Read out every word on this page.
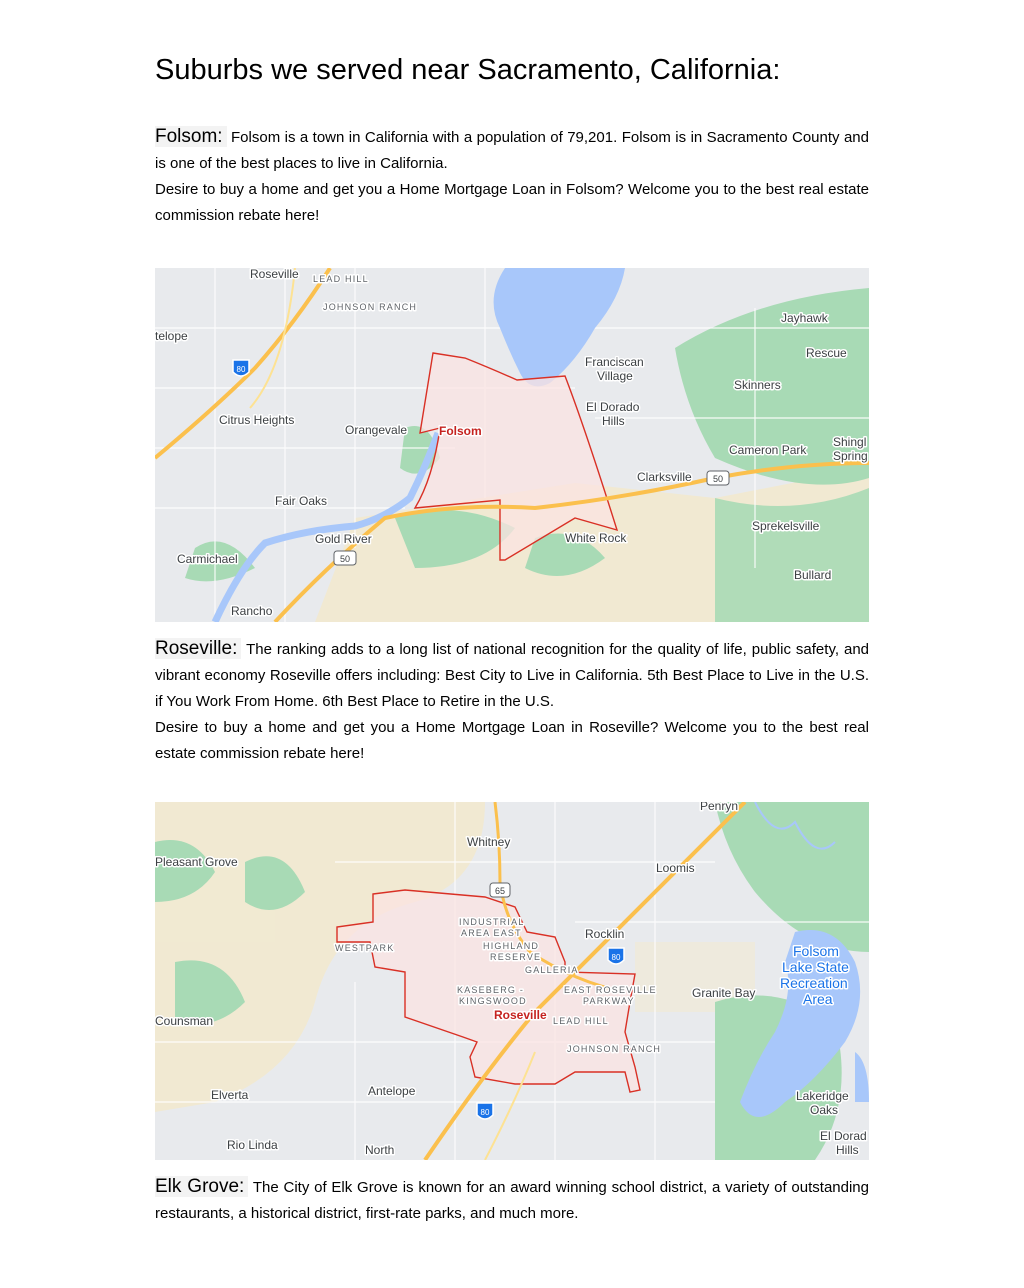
Suburbs we served near Sacramento, California:

Folsom: Folsom is a town in California with a population of 79,201. Folsom is in Sacramento County and is one of the best places to live in California.
Desire to buy a home and get you a Home Mortgage Loan in Folsom? Welcome you to the best real estate commission rebate here!

80
50
50
Roseville LEAD HILL
JOHNSON RANCH
telope
Jayhawk
Rescue
Franciscan
Village
Skinners
Citrus Heights
El Dorado
Hills
Orangevale	Folsom
Cameron Park
Shingl
Spring
Clarksville
Fair Oaks
Sprekelsville
White Rock
Gold River
Carmichael
Bullard
Rancho

Roseville: The ranking adds to a long list of national recognition for the quality of life, public safety, and vibrant economy Roseville offers including: Best City to Live in California. 5th Best Place to Live in the U.S. if You Work From Home. 6th Best Place to Retire in the U.S.
Desire to buy a home and get you a Home Mortgage Loan in Roseville? Welcome you to the best real estate commission rebate here!

65
80
80
Penryn
Whitney
Pleasant Grove	Loomis
INDUSTRIAL
AREA EAST
HIGHLAND
RESERVE
WESTPARK
Rocklin
GALLERIA
KASEBERG -
KINGSWOOD
EAST ROSEVILLE
PARKWAY
Granite Bay
Folsom
Lake State
Recreation
Area
Counsman	Roseville LEAD HILL
JOHNSON RANCH
Antelope
Elverta	Lakeridge
Oaks
Rio Linda	North
El Dorad
Hills

Elk Grove: The City of Elk Grove is known for an award winning school district, a variety of outstanding restaurants, a historical district, first-rate parks, and much more.
